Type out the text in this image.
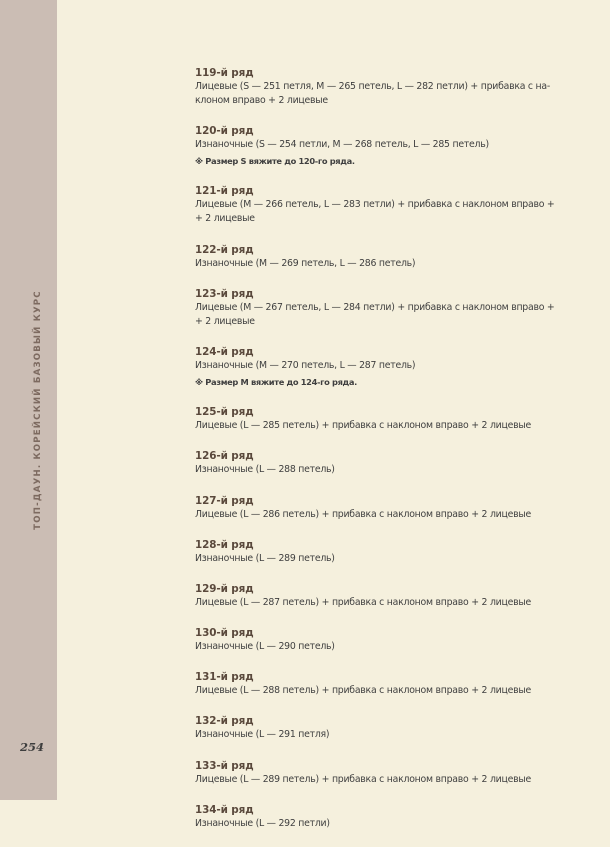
ТОП-ДАУН. КОРЕЙСКИЙ БАЗОВЫЙ КУРС
254
119-й ряд
Лицевые (S — 251 петля, M — 265 петель, L — 282 петли) + прибавка с на-
клоном вправо + 2 лицевые
120-й ряд
Изнаночные (S — 254 петли, M — 268 петель, L — 285 петель)
※ Размер S вяжите до 120-го ряда.
121-й ряд
Лицевые (M — 266 петель, L — 283 петли) + прибавка с наклоном вправо +
+ 2 лицевые
122-й ряд
Изнаночные (M — 269 петель, L — 286 петель)
123-й ряд
Лицевые (M — 267 петель, L — 284 петли) + прибавка с наклоном вправо +
+ 2 лицевые
124-й ряд
Изнаночные (M — 270 петель, L — 287 петель)
※ Размер M вяжите до 124-го ряда.
125-й ряд
Лицевые (L — 285 петель) + прибавка с наклоном вправо + 2 лицевые
126-й ряд
Изнаночные (L — 288 петель)
127-й ряд
Лицевые (L — 286 петель) + прибавка с наклоном вправо + 2 лицевые
128-й ряд
Изнаночные (L — 289 петель)
129-й ряд
Лицевые (L — 287 петель) + прибавка с наклоном вправо + 2 лицевые
130-й ряд
Изнаночные (L — 290 петель)
131-й ряд
Лицевые (L — 288 петель) + прибавка с наклоном вправо + 2 лицевые
132-й ряд
Изнаночные (L — 291 петля)
133-й ряд
Лицевые (L — 289 петель) + прибавка с наклоном вправо + 2 лицевые
134-й ряд
Изнаночные (L — 292 петли)
